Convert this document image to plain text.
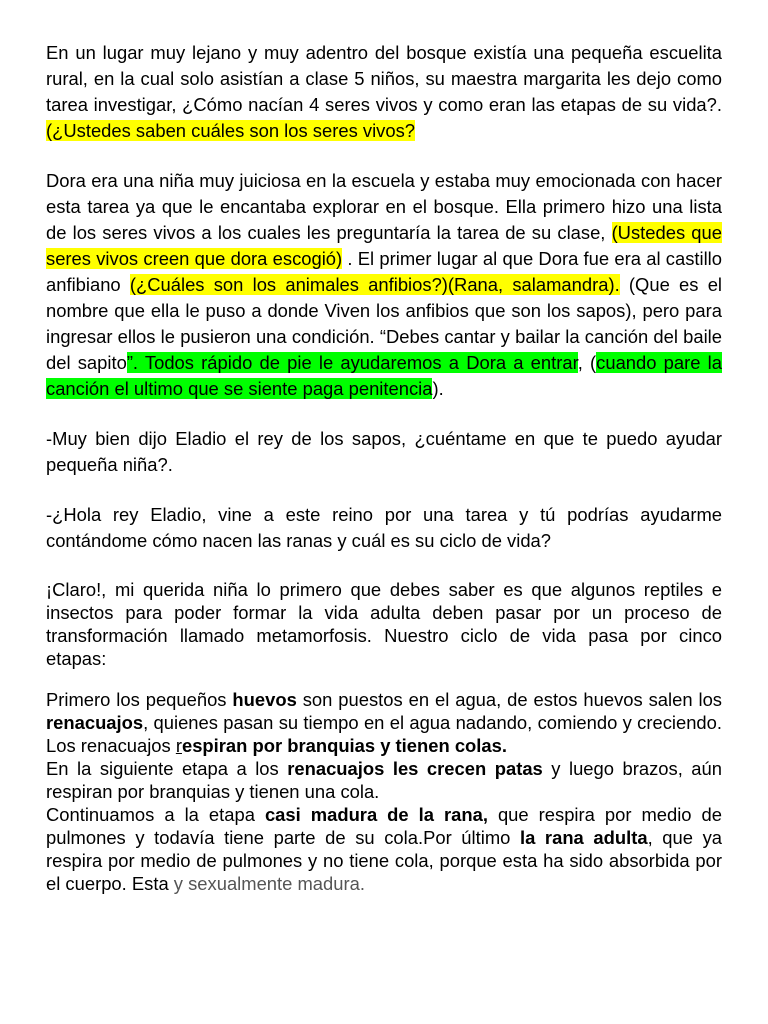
En un lugar muy lejano y muy adentro del bosque existía una pequeña escuelita rural, en la cual solo asistían a clase 5 niños, su maestra margarita les dejo como tarea investigar, ¿Cómo nacían 4 seres vivos y como eran las etapas de su vida?. (¿Ustedes saben cuáles son los seres vivos?

Dora era una niña muy juiciosa en la escuela y estaba muy emocionada con hacer esta tarea ya que le encantaba explorar en el bosque. Ella primero hizo una lista de los seres vivos a los cuales les preguntaría la tarea de su clase, (Ustedes que seres vivos creen que dora escogió) . El primer lugar al que Dora fue era al castillo anfibiano (¿Cuáles son los animales anfibios?)(Rana, salamandra). (Que es el nombre que ella le puso a donde Viven los anfibios que son los sapos), pero para ingresar ellos le pusieron una condición. “Debes cantar y bailar la canción del baile del sapito”. Todos rápido de pie le ayudaremos a Dora a entrar, (cuando pare la canción el ultimo que se siente paga penitencia).

-Muy bien dijo Eladio el rey de los sapos, ¿cuéntame en que te puedo ayudar pequeña niña?.

-¿Hola rey Eladio, vine a este reino por una tarea y tú podrías ayudarme contándome cómo nacen las ranas y cuál es su ciclo de vida?

¡Claro!, mi querida niña lo primero que debes saber es que algunos reptiles e insectos para poder formar la vida adulta deben pasar por un proceso de transformación llamado metamorfosis. Nuestro ciclo de vida pasa por cinco etapas:

Primero los pequeños huevos son puestos en el agua, de estos huevos salen los renacuajos, quienes pasan su tiempo en el agua nadando, comiendo y creciendo. Los renacuajos respiran por branquias y tienen colas.
En la siguiente etapa a los renacuajos les crecen patas y luego brazos, aún respiran por branquias y tienen una cola.
Continuamos a la etapa casi madura de la rana, que respira por medio de pulmones y todavía tiene parte de su cola.Por último la rana adulta, que ya respira por medio de pulmones y no tiene cola, porque esta ha sido absorbida por el cuerpo. Esta y sexualmente madura.
